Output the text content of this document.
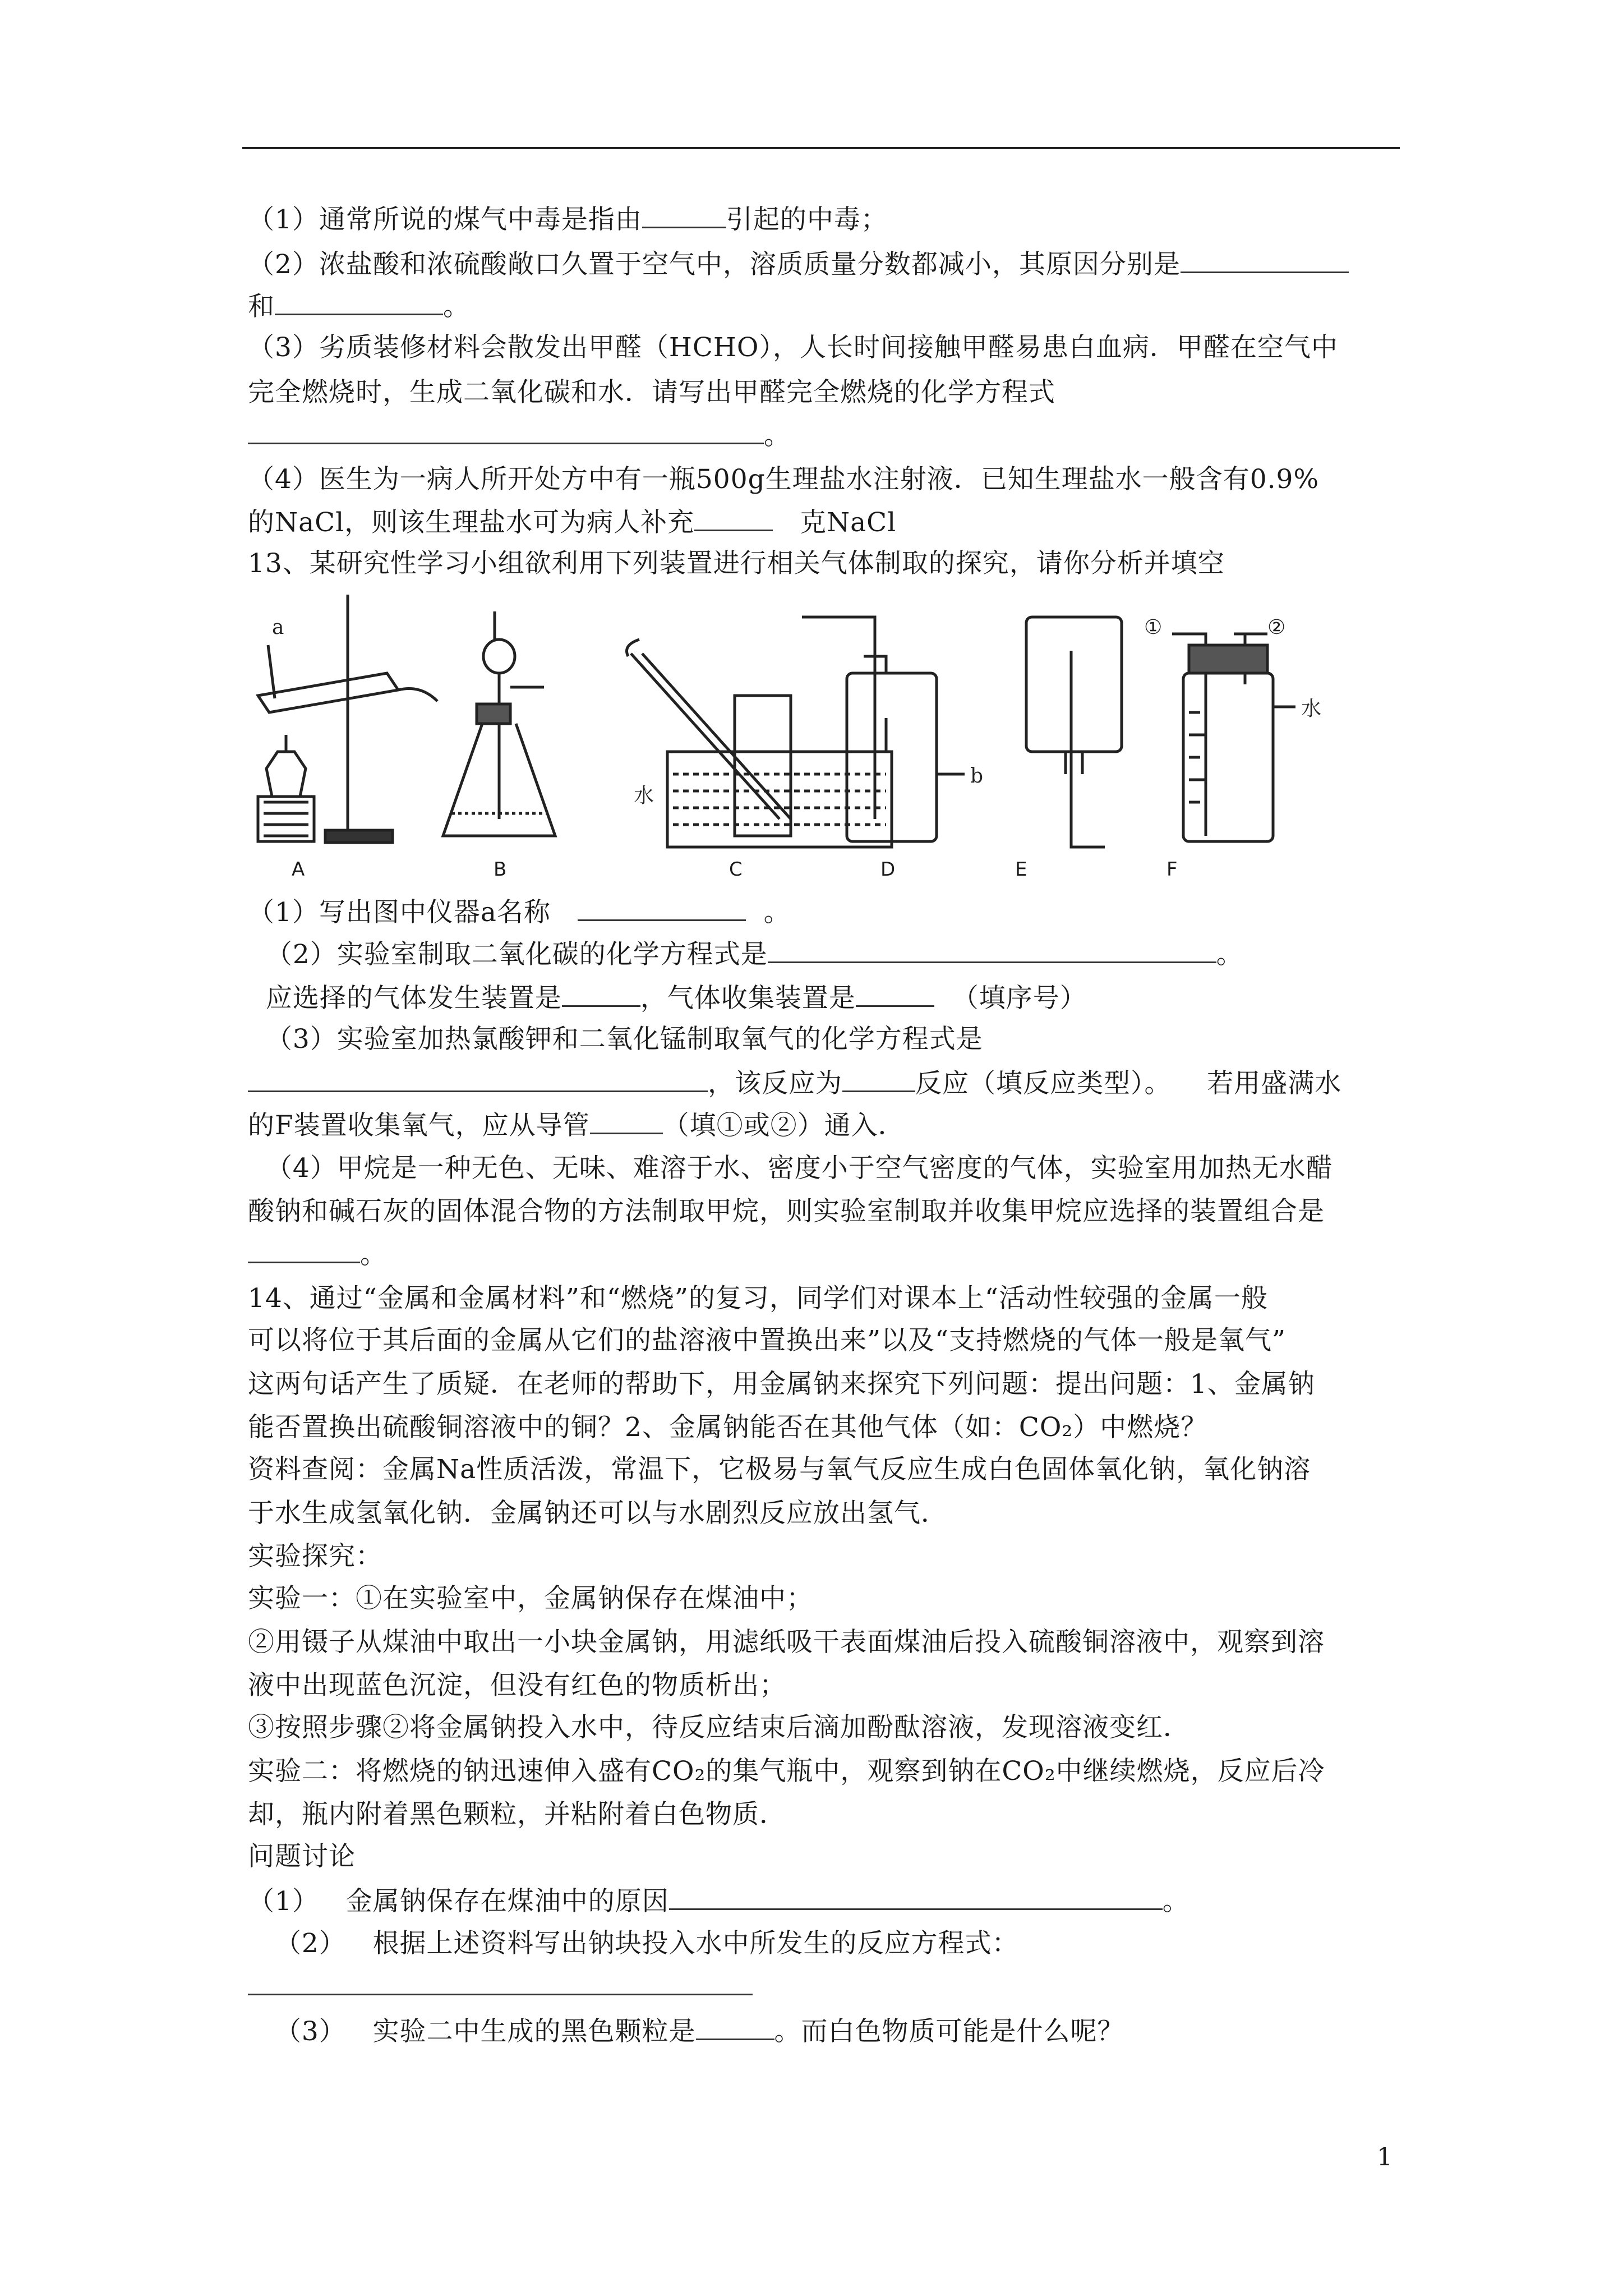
（1）通常所说的煤气中毒是指由	引起的中毒；
（2）浓盐酸和浓硫酸敞口久置于空气中，溶质质量分数都减小，其原因分别是
和	。
（3）劣质装修材料会散发出甲醛（HCHO），人长时间接触甲醛易患白血病．甲醛在空气中
完全燃烧时，生成二氧化碳和水．请写出甲醛完全燃烧的化学方程式
。
（4）医生为一病人所开处方中有一瓶500g生理盐水注射液．已知生理盐水一般含有0.9%
的NaCl，则该生理盐水可为病人补充	克NaCl
13、某研究性学习小组欲利用下列装置进行相关气体制取的探究，请你分析并填空
（1）写出图中仪器a名称	。
（2）实验室制取二氧化碳的化学方程式是	。
应选择的气体发生装置是	，气体收集装置是	（填序号）
（3）实验室加热氯酸钾和二氧化锰制取氧气的化学方程式是
，该反应为	反应（填反应类型）。    若用盛满水
的F装置收集氧气，应从导管	（填①或②）通入．
（4）甲烷是一种无色、无味、难溶于水、密度小于空气密度的气体，实验室用加热无水醋
酸钠和碱石灰的固体混合物的方法制取甲烷，则实验室制取并收集甲烷应选择的装置组合是
。
14、通过“金属和金属材料”和“燃烧”的复习，同学们对课本上“活动性较强的金属一般
可以将位于其后面的金属从它们的盐溶液中置换出来”以及“支持燃烧的气体一般是氧气”
这两句话产生了质疑．在老师的帮助下，用金属钠来探究下列问题：提出问题：1、金属钠
能否置换出硫酸铜溶液中的铜？2、金属钠能否在其他气体（如：CO₂）中燃烧？
资料查阅：金属Na性质活泼，常温下，它极易与氧气反应生成白色固体氧化钠，氧化钠溶
于水生成氢氧化钠．金属钠还可以与水剧烈反应放出氢气．
实验探究：
实验一：①在实验室中，金属钠保存在煤油中；
②用镊子从煤油中取出一小块金属钠，用滤纸吸干表面煤油后投入硫酸铜溶液中，观察到溶
液中出现蓝色沉淀，但没有红色的物质析出；
③按照步骤②将金属钠投入水中，待反应结束后滴加酚酞溶液，发现溶液变红．
实验二：将燃烧的钠迅速伸入盛有CO₂的集气瓶中，观察到钠在CO₂中继续燃烧，反应后冷
却，瓶内附着黑色颗粒，并粘附着白色物质．
问题讨论
（1）   金属钠保存在煤油中的原因	。
（2）   根据上述资料写出钠块投入水中所发生的反应方程式：
（3）   实验二中生成的黑色颗粒是	。而白色物质可能是什么呢？
a
b
水
水
①	②
A	B	C	D	E	F
1
